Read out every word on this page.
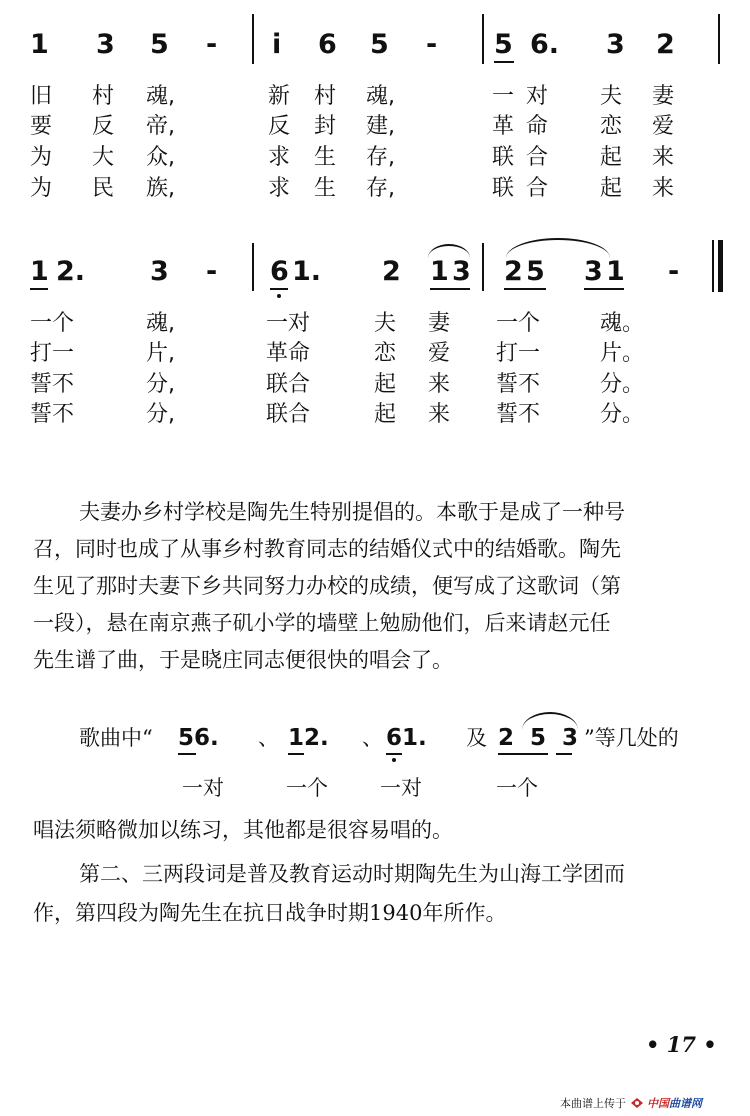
1 3 5 - i 6 5 - 5 6. 3 2
旧 村 魂,	新 村 魂,	一 对 夫 妻
要 反 帝,	反 封 建,	革 命 恋 爱
为 大 众,	求 生 存,	联 合 起 来
为 民 族,	求 生 存,	联 合 起 来
1 2. 3 - 6 1. 2 1 3 2 5 3 1 -
一个	魂,	一对	夫 妻 一个	魂。
打一	片,	革命	恋 爱 打一	片。
誓不	分,	联合	起 来 誓不	分。
誓不	分,	联合	起 来 誓不	分。
夫妻办乡村学校是陶先生特别提倡的。本歌于是成了一种号
召，同时也成了从事乡村教育同志的结婚仪式中的结婚歌。陶先
生见了那时夫妻下乡共同努力办校的成绩，便写成了这歌词（第
一段），悬在南京燕子矶小学的墙壁上勉励他们，后来请赵元任
先生谱了曲，于是晓庄同志便很快的唱会了。
歌曲中“ 56. 、 12. 、 61. 及 253
”等几处的
一对	一个 一对	一个
唱法须略微加以练习，其他都是很容易唱的。
第二、三两段词是普及教育运动时期陶先生为山海工学团而
作，第四段为陶先生在抗日战争时期1940年所作。
• 17 •
本曲谱上传于 中国曲谱网
